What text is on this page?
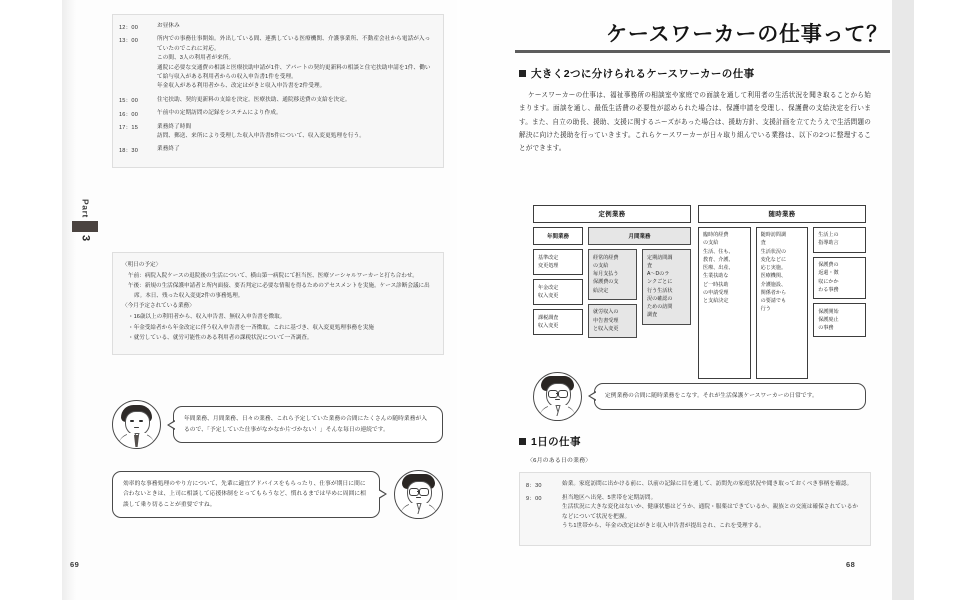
Part
3
12：00	お昼休み
13：00	所内での事務仕事開始。外出している間、連携している医療機関、介護事業所、不動産会社から電話が入っていたのでこれに対応。
この間、3人の利用者が来所。
通院に必要な交通費の相談と医療扶助申請が1件、アパートの契約更新料の相談と住宅扶助申請を1件、働いて給与収入がある利用者からの収入申告書1件を受理。
年金収入がある利用者から、改定はがきと収入申告書を2件受理。
15：00	住宅扶助、契約更新料の支給を決定。医療扶助、通院移送費の支給を決定。
16：00	午前中の定期訪問の記録をシステムにより作成。
17：15	業務終了時間
訪問、郵送、来所により受理した収入申告書5件について、収入変更処理を行う。
18：30	業務終了

〈明日の予定〉

午前：病院入院ケースの退院後の生活について、横山第一病院にて担当医、医療ソーシャルワーカーと打ち合わせ。

午後：新規の生活保護申請者と所内面接、要否判定に必要な情報を得るためのアセスメントを実施。ケース診断会議に出席。本日、残った収入変更2件の事務処理。

〈今月予定されている業務〉

・16歳以上の利用者から、収入申告書、無収入申告書を徴取。

・年金受給者から年金改定に伴う収入申告書を一斉徴取。これに基づき、収入変更処理事務を実施

・就労している、就労可能性のある利用者の課税状況について一斉調査。

年間業務、月間業務、日々の業務、これら予定していた業務の合間にたくさんの随時業務が入るので、「予定していた仕事がなかなか片づかない！」そんな毎日の連続です。

効率的な事務処理のやり方について、先輩に適宜アドバイスをもらったり、仕事が期日に間に合わないときは、上司に相談して応援体制をとってもらうなど、慣れるまでは早めに周囲に相談して乗り切ることが重要ですね。

69
ケースワーカーの仕事って？
大きく2つに分けられるケースワーカーの仕事

ケースワーカーの仕事は、福祉事務所の相談室や家庭での面談を通して利用者の生活状況を聞き取ることから始まります。面談を通し、最低生活費の必要性が認められた場合は、保護申請を受理し、保護費の支給決定を行います。また、自立の助長、援助、支援に関するニーズがあった場合は、援助方針、支援計画を立てたうえで生活問題の解決に向けた援助を行っていきます。これらケースワーカーが日々取り組んでいる業務は、以下の2つに整理することができます。

定例業務	随時業務
年間業務
基準改定
変更処理
年金改定
収入変更
課税調査
収入変更
月間業務
経常的経費
の支給
毎月支払う
保護費の支
給決定
就労収入の
申告書受理
と収入変更
定期訪問調
査
A～Dのラ
ンクごとに
行う生活状
況の確認の
ための訪問
調査
臨時的経費
の支給
生活、住も、
教育、介護、
医療、出産、
生業扶助な
ど一時扶助
の申請受理
と支給決定
随時訪問調
査
生活状況の
変化などに
応じ実施。
医療機関、
介護施設、
関係者から
の要請でも
行う
生活上の
指導助言
保護費の
返還・徴
収にかか
わる事務
保護開始
保護廃止
の事務

定例業務の合間に随時業務をこなす。それが生活保護ケースワーカーの日常です。

1日の仕事
〈6月のある日の業務〉
8：30	始業。家庭訪問に出かける前に、以前の記録に目を通して、訪問先の家庭状況や聞き取っておくべき事柄を確認。
9：00	担当地区へ出発、5世帯を定期訪問。
生活状況に大きな変化はないか、健康状態はどうか、通院・服薬はできているか、親族との交流は確保されているかなどについて状況を把握。
うち1世帯から、年金の改定はがきと収入申告書が提出され、これを受理する。
68
